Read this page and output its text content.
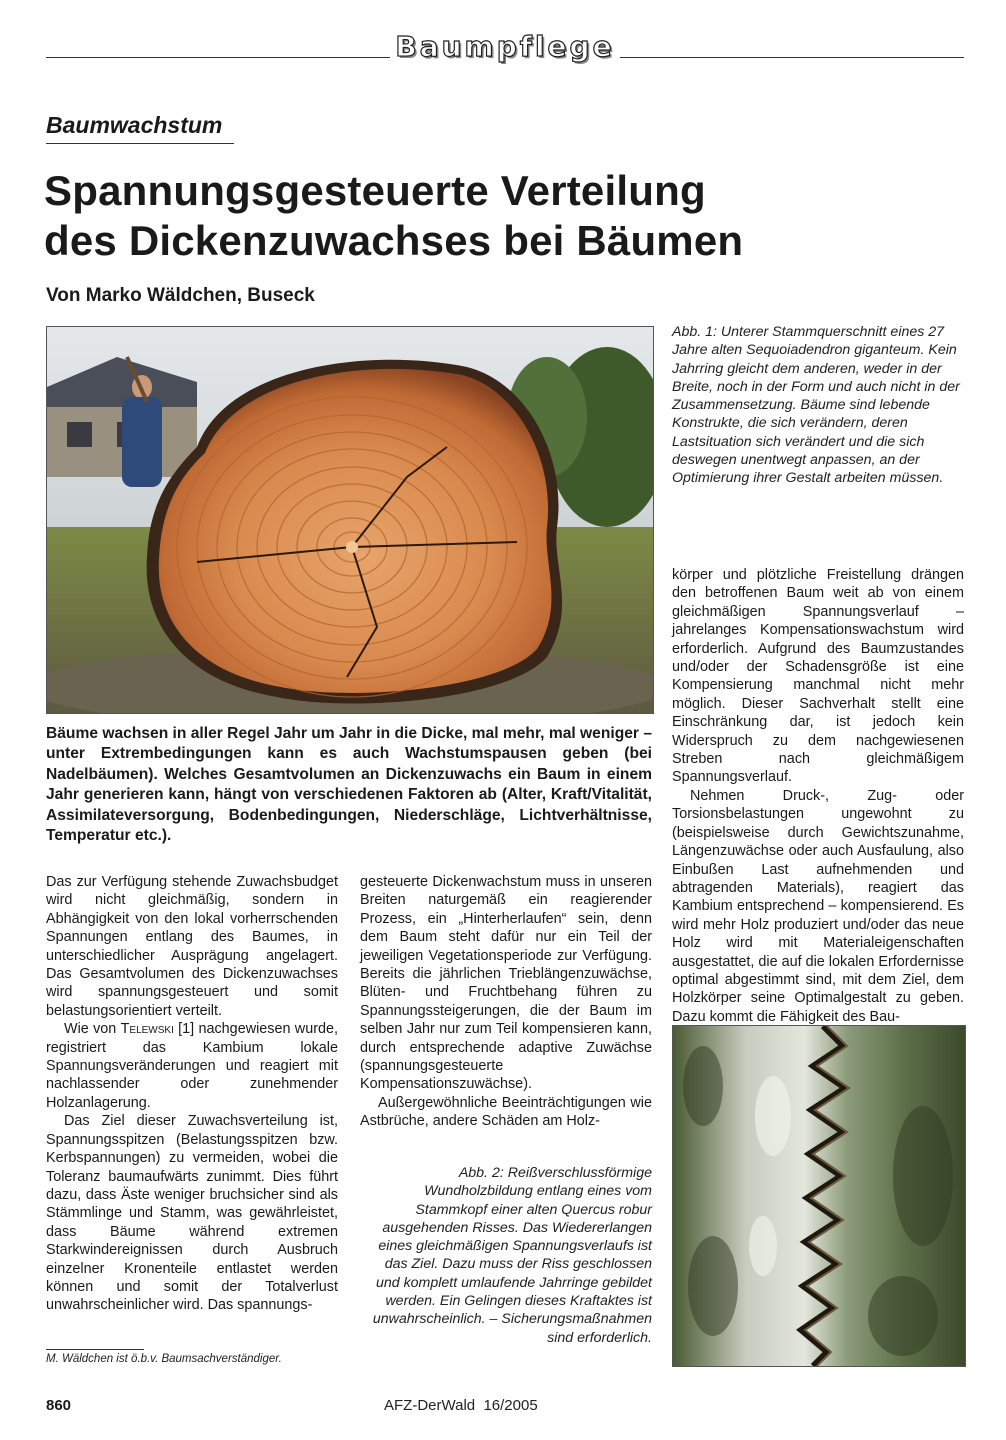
Baumpflege
Baumwachstum
Spannungsgesteuerte Verteilung
des Dickenzuwachses bei Bäumen
Von Marko Wäldchen, Buseck
Abb. 1: Unterer Stammquerschnitt eines 27 Jahre alten Sequoiadendron giganteum. Kein Jahrring gleicht dem anderen, weder in der Breite, noch in der Form und auch nicht in der Zusammensetzung. Bäume sind lebende Konstrukte, die sich verändern, deren Lastsituation sich verändert und die sich deswegen unentwegt anpassen, an der Optimierung ihrer Gestalt arbeiten müssen.
Bäume wachsen in aller Regel Jahr um Jahr in die Dicke, mal mehr, mal weniger – unter Extrembedingungen kann es auch Wachstumspausen geben (bei Nadelbäumen). Welches Gesamtvolumen an Dickenzuwachs ein Baum in einem Jahr generieren kann, hängt von verschiedenen Faktoren ab (Alter, Kraft/Vitalität, Assimilateversorgung, Bodenbedingungen, Niederschläge, Lichtverhältnisse, Temperatur etc.).

Das zur Verfügung stehende Zuwachsbudget wird nicht gleichmäßig, sondern in Abhängigkeit von den lokal vorherrschenden Spannungen entlang des Baumes, in unterschiedlicher Ausprägung angelagert. Das Gesamtvolumen des Dickenzuwachses wird spannungsgesteuert und somit belastungsorientiert verteilt.

Wie von Telewski [1] nachgewiesen wurde, registriert das Kambium lokale Spannungsveränderungen und reagiert mit nachlassender oder zunehmender Holzanlagerung.

Das Ziel dieser Zuwachsverteilung ist, Spannungsspitzen (Belastungsspitzen bzw. Kerbspannungen) zu vermeiden, wobei die Toleranz baumaufwärts zunimmt. Dies führt dazu, dass Äste weniger bruchsicher sind als Stämmlinge und Stamm, was gewährleistet, dass Bäume während extremen Starkwindereignissen durch Ausbruch einzelner Kronenteile entlastet werden können und somit der Totalverlust unwahrscheinlicher wird. Das spannungs-

gesteuerte Dickenwachstum muss in unseren Breiten naturgemäß ein reagierender Prozess, ein „Hinterherlaufen“ sein, denn dem Baum steht dafür nur ein Teil der jeweiligen Vegetationsperiode zur Verfügung. Bereits die jährlichen Trieblängenzuwächse, Blüten- und Fruchtbehang führen zu Spannungssteigerungen, die der Baum im selben Jahr nur zum Teil kompensieren kann, durch entsprechende adaptive Zuwächse (spannungsgesteuerte Kompensationszuwächse).

Außergewöhnliche Beeinträchtigungen wie Astbrüche, andere Schäden am Holz-

Abb. 2: Reißverschlussförmige Wundholzbildung entlang eines vom Stammkopf einer alten Quercus robur ausgehenden Risses. Das Wiedererlangen eines gleichmäßigen Spannungsverlaufs ist das Ziel. Dazu muss der Riss geschlossen und komplett umlaufende Jahrringe gebildet werden. Ein Gelingen dieses Kraftaktes ist unwahrscheinlich. – Sicherungsmaßnahmen sind erforderlich.

körper und plötzliche Freistellung drängen den betroffenen Baum weit ab von einem gleichmäßigen Spannungsverlauf – jahrelanges Kompensationswachstum wird erforderlich. Aufgrund des Baumzustandes und/oder der Schadensgröße ist eine Kompensierung manchmal nicht mehr möglich. Dieser Sachverhalt stellt eine Einschränkung dar, ist jedoch kein Widerspruch zu dem nachgewiesenen Streben nach gleichmäßigem Spannungsverlauf.

Nehmen Druck-, Zug- oder Torsionsbelastungen ungewohnt zu (beispielsweise durch Gewichtszunahme, Längenzuwächse oder auch Ausfaulung, also Einbußen Last aufnehmenden und abtragenden Materials), reagiert das Kambium entsprechend – kompensierend. Es wird mehr Holz produziert und/oder das neue Holz wird mit Materialeigenschaften ausgestattet, die auf die lokalen Erfordernisse optimal abgestimmt sind, mit dem Ziel, dem Holzkörper seine Optimalgestalt zu geben. Dazu kommt die Fähigkeit des Bau-

M. Wäldchen ist ö.b.v. Baumsachverständiger.
860	AFZ-DerWald  16/2005
